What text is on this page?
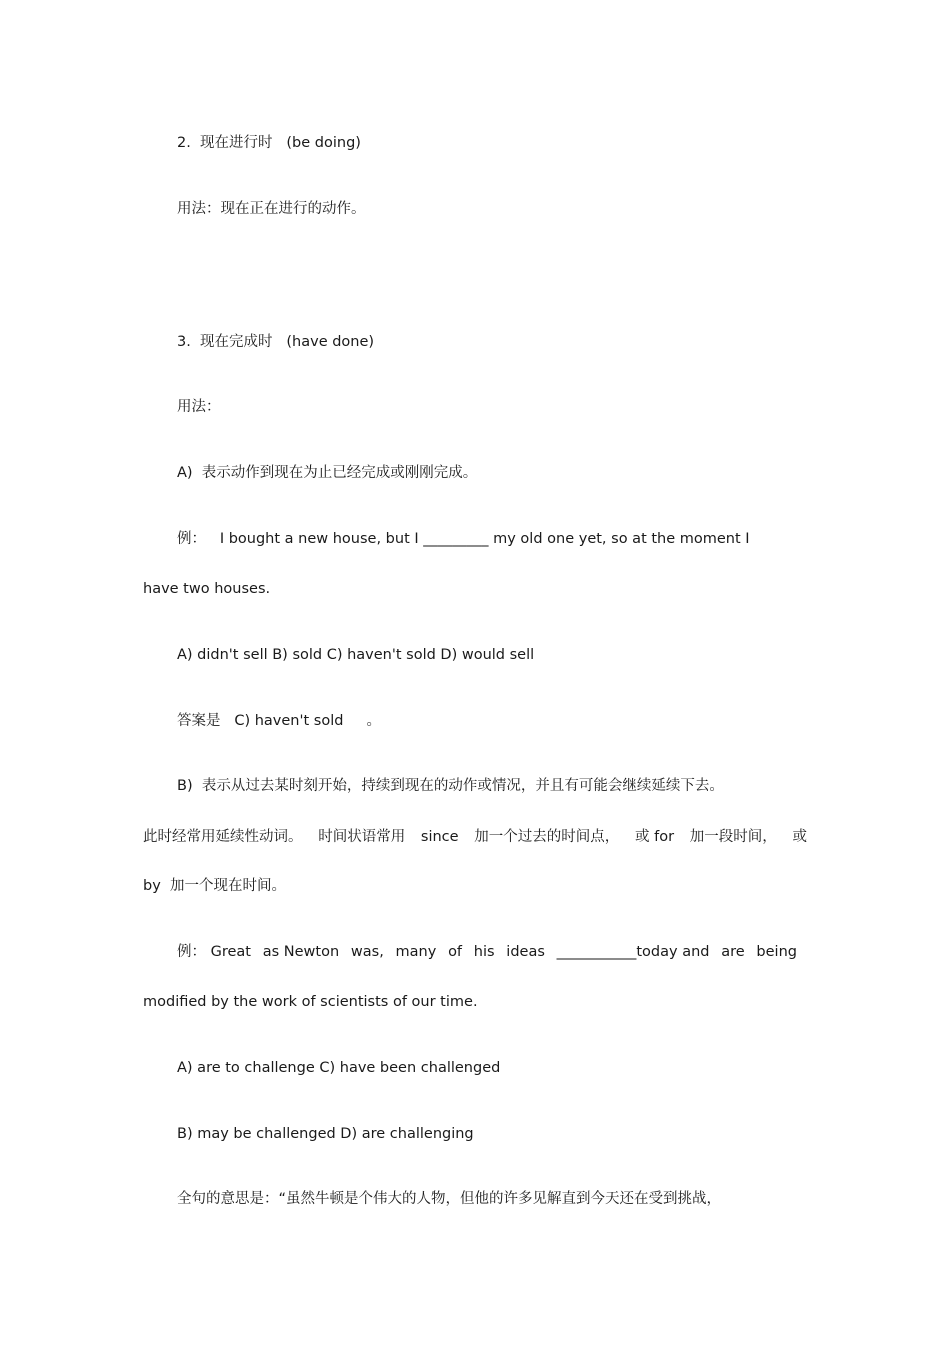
2.  现在进行时   (be doing)
用法：现在正在进行的动作。
3.  现在完成时   (have done)
用法：
A)  表示动作到现在为止已经完成或刚刚完成。
例：   I bought a new house, but I _________ my old one yet, so at the moment I
have two houses.
A) didn't sell B) sold C) haven't sold D) would sell
答案是   C) haven't sold     。
B)  表示从过去某时刻开始，持续到现在的动作或情况，并且有可能会继续延续下去。
此时经常用延续性动词。 时间状语常用 since 加一个过去的时间点， 或 for 加一段时间， 或
by  加一个现在时间。
例： Great as Newton was, many of his ideas ___________today and are being
modified by the work of scientists of our time.
A) are to challenge C) have been challenged
B) may be challenged D) are challenging
全句的意思是：“虽然牛顿是个伟大的人物，但他的许多见解直到今天还在受到挑战，
